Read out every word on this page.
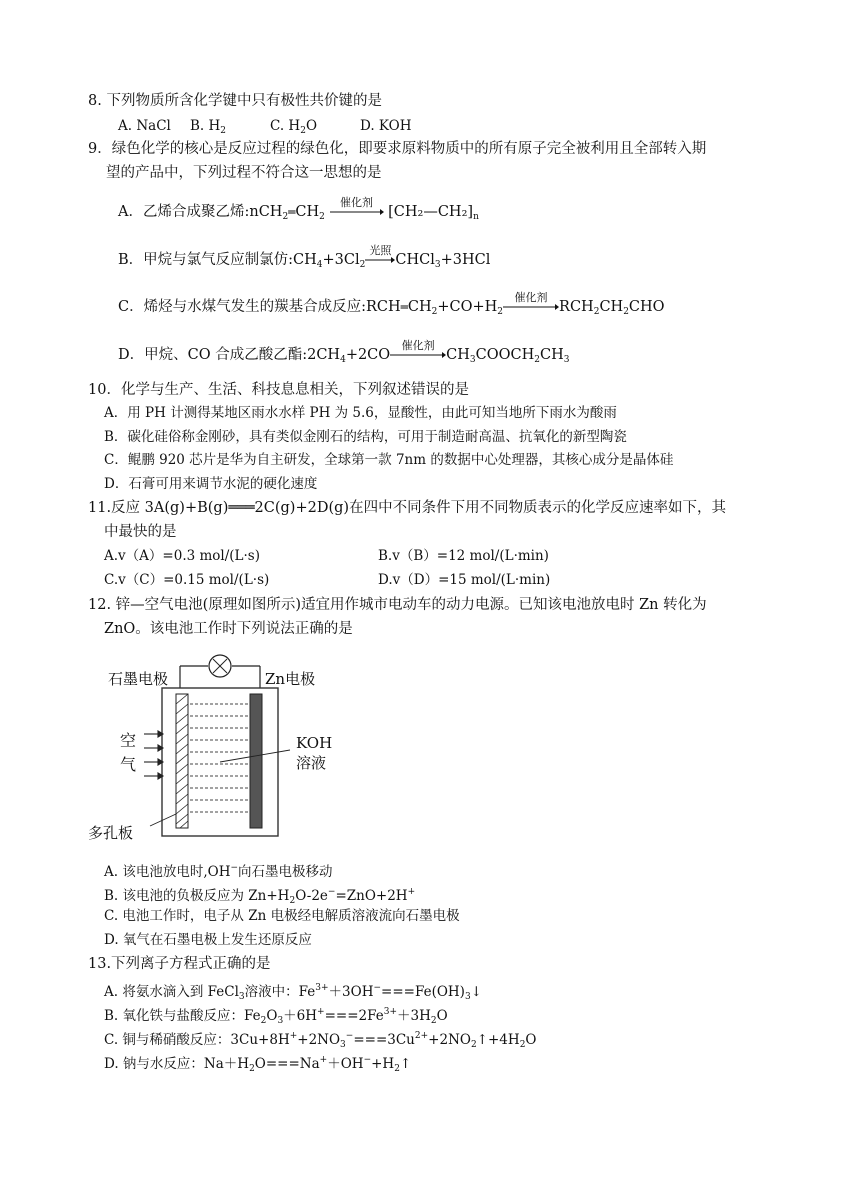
8. 下列物质所含化学键中只有极性共价键的是
A. NaCl B. $H_2$	C. $H_2O$	D. KOH
9．绿色化学的核心是反应过程的绿色化，即要求原料物质中的所有原子完全被利用且全部转入期
望的产品中，下列过程不符合这一思想的是
A．乙烯合成聚乙烯$:nCH_2═CH_2$
催化剂
$[CH_2—CH_2]_n$
B．甲烷与氯气反应制氯仿$:CH_4+3Cl_2$
光照
CHCl$_3$+3HCl
C．烯烃与水煤气发生的羰基合成反应$:RCH═CH_2+CO+H_2$
催化剂
$RCH_2CH_2CHO$
D．甲烷、CO 合成乙酸乙酯$:2CH_4+2CO$
催化剂
$CH_3COOCH_2CH_3$
10．化学与生产、生活、科技息息相关，下列叙述错误的是
A．用 PH 计测得某地区雨水水样 PH 为 5.6，显酸性，由此可知当地所下雨水为酸雨
B．碳化硅俗称金刚砂，具有类似金刚石的结构，可用于制造耐高温、抗氧化的新型陶瓷
C．鲲鹏 920 芯片是华为自主研发，全球第一款 7nm 的数据中心处理器，其核心成分是晶体硅
D．石膏可用来调节水泥的硬化速度
11.反应 3A(g)+B(g)═══2C(g)+2D(g)在四中不同条件下用不同物质表示的化学反应速率如下，其
中最快的是
A.v（A）=0.3 mol/(L·s)	B.v（B）=12 mol/(L·min)
C.v（C）=0.15 mol/(L·s)	D.v（D）=15 mol/(L·min)
12. 锌—空气电池(原理如图所示)适宜用作城市电动车的动力电源。已知该电池放电时 Zn 转化为
ZnO。该电池工作时下列说法正确的是
石墨电极	Zn电极
空
气
KOH
溶液
多孔板
A. 该电池放电时,OH−向石墨电极移动
B. 该电池的负极反应为 $Zn+H_2O-2e^-=ZnO+2H^+$
C. 电池工作时，电子从 Zn 电极经电解质溶液流向石墨电极
D. 氧气在石墨电极上发生还原反应
13.下列离子方程式正确的是
A. 将氨水滴入到 FeCl$_3$溶液中：$Fe^{3+}+3OH^-===Fe(OH)_3↓$
B. 氧化铁与盐酸反应：$Fe_2O_3+6H^+===2Fe^{3+}+3H_2O$
C. 铜与稀硝酸反应：$3Cu+8H^++2NO_3^-===3Cu^{2+}+2NO_2↑+4H_2O$
D. 钠与水反应：$Na+H_2O===Na^++OH^-+H_2↑$
